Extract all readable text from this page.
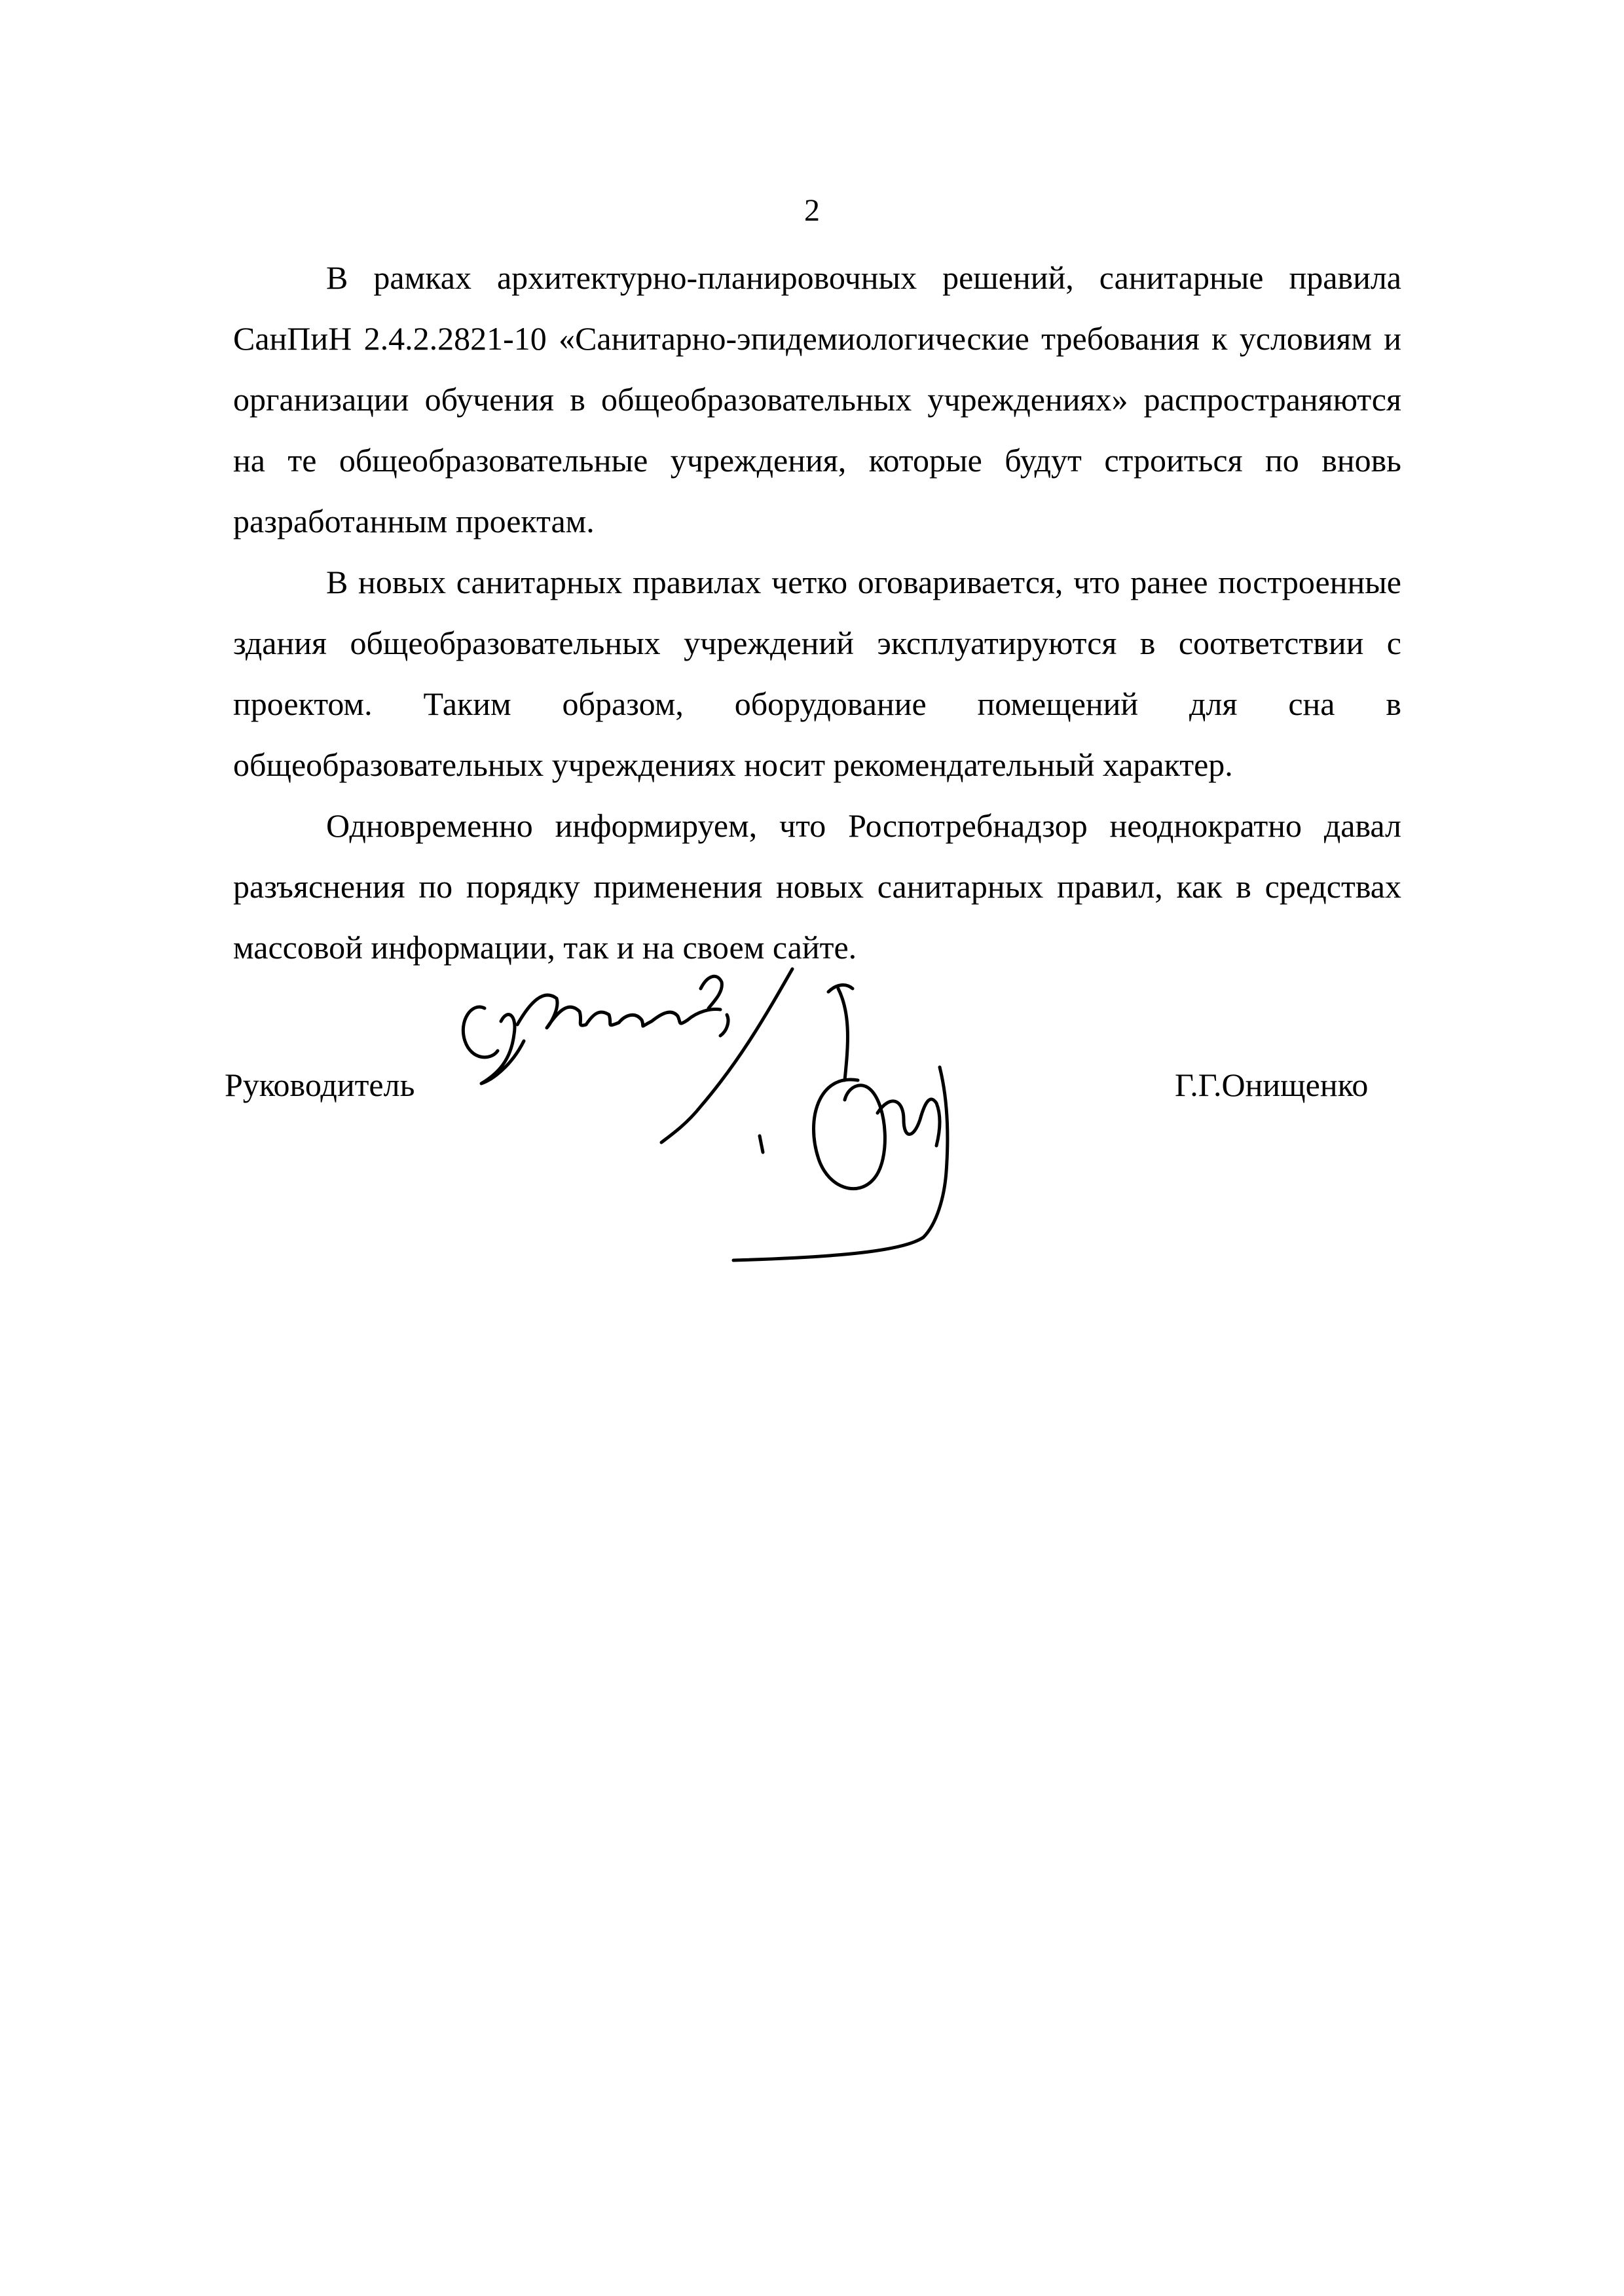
2

В рамках архитектурно-планировочных решений, санитарные правила СанПиН 2.4.2.2821-10 «Санитарно-эпидемиологические требования к условиям и организации обучения в общеобразовательных учреждениях» распространяются на те общеобразовательные учреждения, которые будут строиться по вновь разработанным проектам.

В новых санитарных правилах четко оговаривается, что ранее построенные здания общеобразовательных учреждений эксплуатируются в соответствии с проектом. Таким образом, оборудование помещений для сна в общеобразовательных учреждениях носит рекомендательный характер.

Одновременно информируем, что Роспотребнадзор неоднократно давал разъяснения по порядку применения новых санитарных правил, как в средствах массовой информации, так и на своем сайте.

Руководитель	Г.Г.Онищенко
